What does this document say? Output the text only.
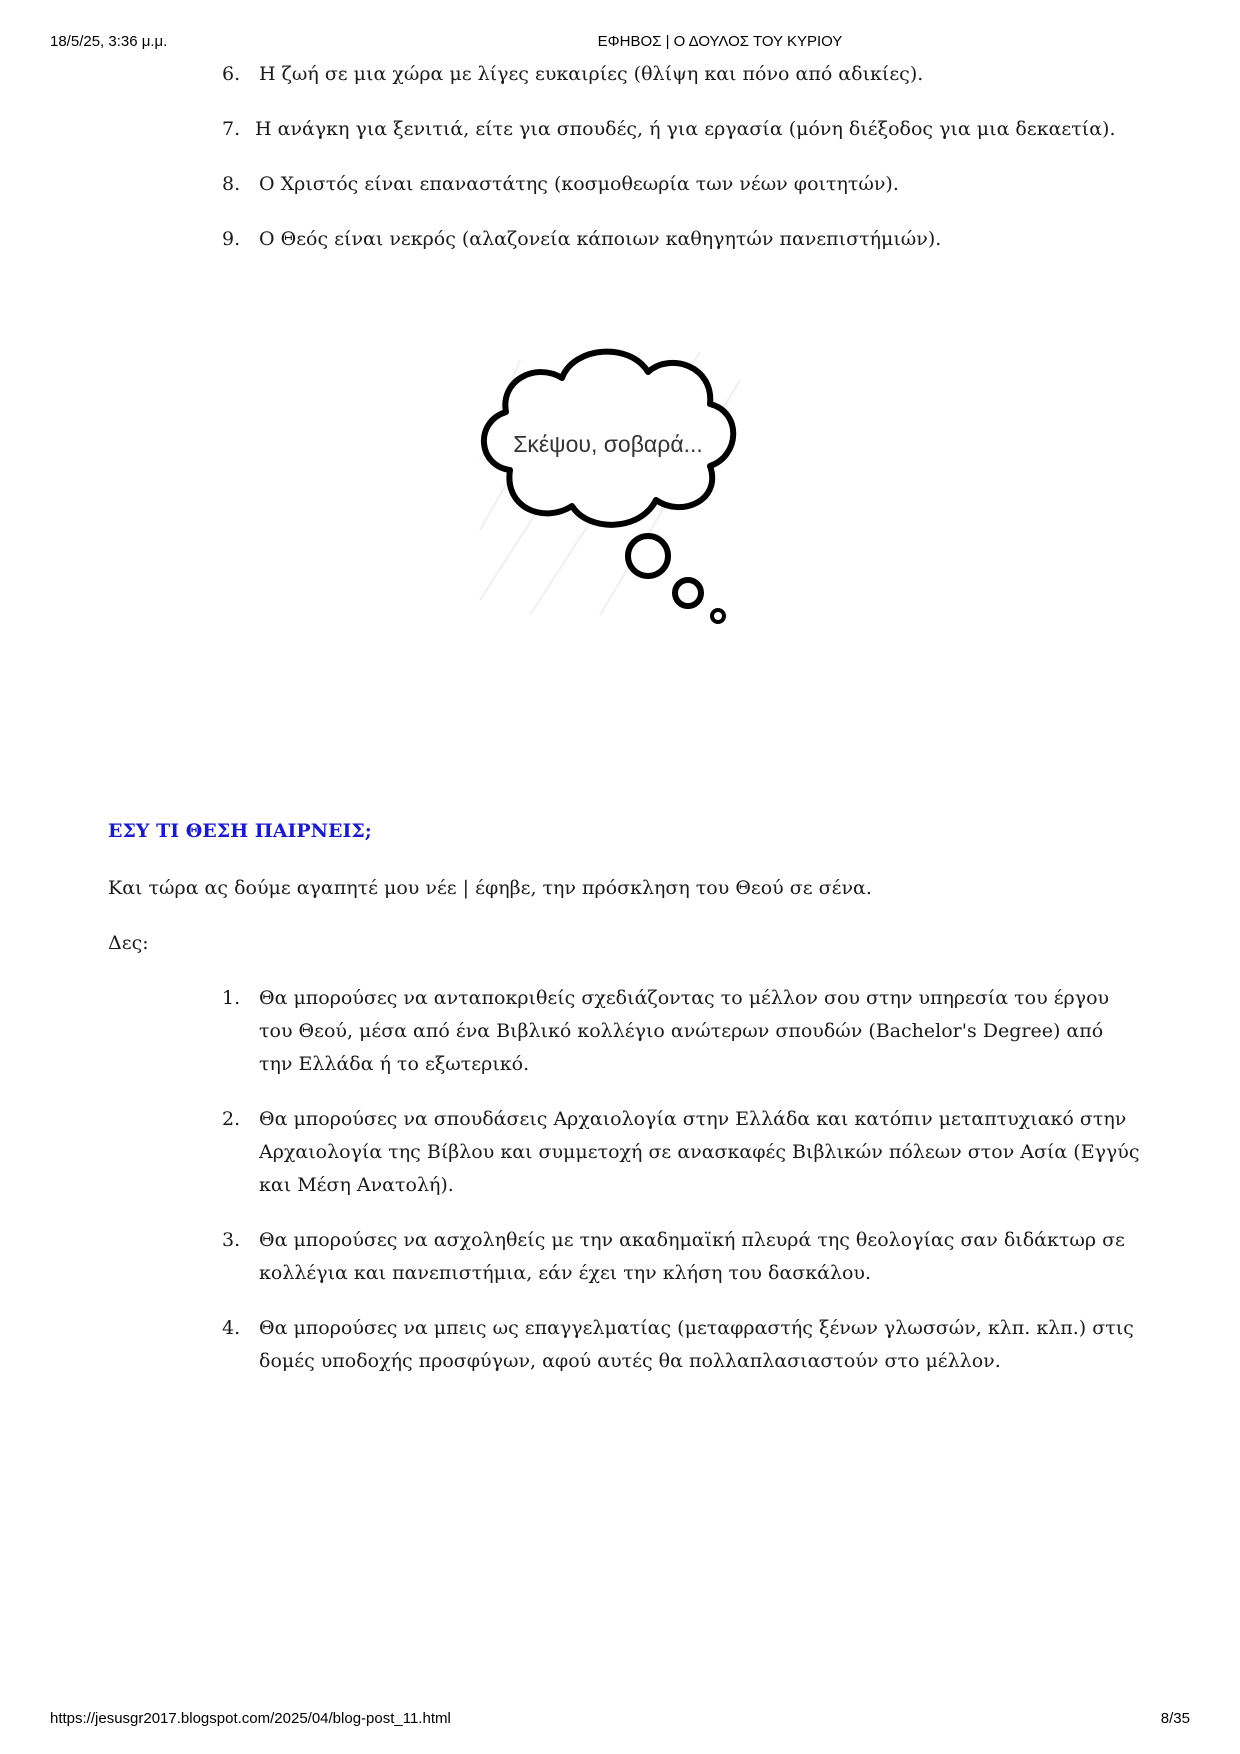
18/5/25, 3:36 μ.μ.	ΕΦΗΒΟΣ | Ο ΔΟΥΛΟΣ ΤΟΥ ΚΥΡΙΟΥ
6. Η ζωή σε μια χώρα με λίγες ευκαιρίες (θλίψη και πόνο από αδικίες).
7. Η ανάγκη για ξενιτιά, είτε για σπουδές, ή για εργασία (μόνη διέξοδος για μια δεκαετία).
8. Ο Χριστός είναι επαναστάτης (κοσμοθεωρία των νέων φοιτητών).
9. Ο Θεός είναι νεκρός (αλαζονεία κάποιων καθηγητών πανεπιστήμιών).
Σκέψου, σοβαρά...
ΕΣΥ ΤΙ ΘΕΣΗ ΠΑΙΡΝΕΙΣ;

Και τώρα ας δούμε αγαπητέ μου νέε | έφηβε, την πρόσκληση του Θεού σε σένα.

Δες:

1. Θα μπορούσες να ανταποκριθείς σχεδιάζοντας το μέλλον σου στην υπηρεσία του έργου του Θεού, μέσα από ένα Βιβλικό κολλέγιο ανώτερων σπουδών (Bachelor's Degree) από την Ελλάδα ή το εξωτερικό.
2. Θα μπορούσες να σπουδάσεις Αρχαιολογία στην Ελλάδα και κατόπιν μεταπτυχιακό στην Αρχαιολογία της Βίβλου και συμμετοχή σε ανασκαφές Βιβλικών πόλεων στον Ασία (Εγγύς και Μέση Ανατολή).
3. Θα μπορούσες να ασχοληθείς με την ακαδημαϊκή πλευρά της θεολογίας σαν διδάκτωρ σε κολλέγια και πανεπιστήμια, εάν έχει την κλήση του δασκάλου.
4. Θα μπορούσες να μπεις ως επαγγελματίας (μεταφραστής ξένων γλωσσών, κλπ. κλπ.) στις δομές υποδοχής προσφύγων, αφού αυτές θα πολλαπλασιαστούν στο μέλλον.
https://jesusgr2017.blogspot.com/2025/04/blog-post_11.html	8/35
